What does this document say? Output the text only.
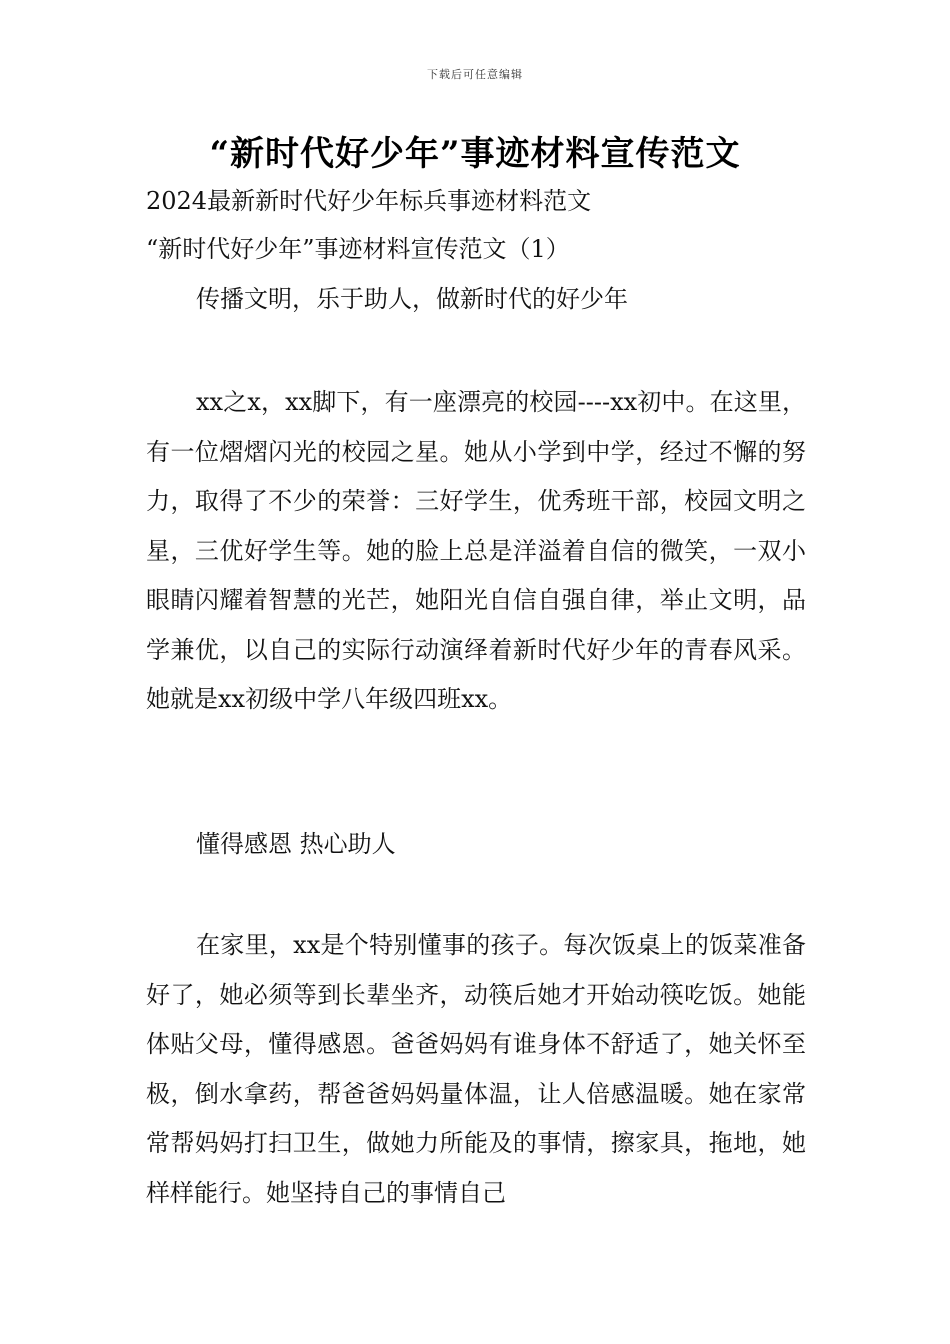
下载后可任意编辑
“新时代好少年”事迹材料宣传范文
2024最新新时代好少年标兵事迹材料范文
“新时代好少年”事迹材料宣传范文（1）
传播文明，乐于助人，做新时代的好少年
xx之x，xx脚下，有一座漂亮的校园----xx初中。在这里，有一位熠熠闪光的校园之星。她从小学到中学，经过不懈的努力，取得了不少的荣誉：三好学生，优秀班干部，校园文明之星，三优好学生等。她的脸上总是洋溢着自信的微笑，一双小眼睛闪耀着智慧的光芒，她阳光自信自强自律，举止文明，品学兼优，以自己的实际行动演绎着新时代好少年的青春风采。她就是xx初级中学八年级四班xx。
懂得感恩 热心助人
在家里，xx是个特别懂事的孩子。每次饭桌上的饭菜准备好了，她必须等到长辈坐齐，动筷后她才开始动筷吃饭。她能体贴父母，懂得感恩。爸爸妈妈有谁身体不舒适了，她关怀至极，倒水拿药，帮爸爸妈妈量体温，让人倍感温暖。她在家常常帮妈妈打扫卫生，做她力所能及的事情，擦家具，拖地，她样样能行。她坚持自己的事情自己
